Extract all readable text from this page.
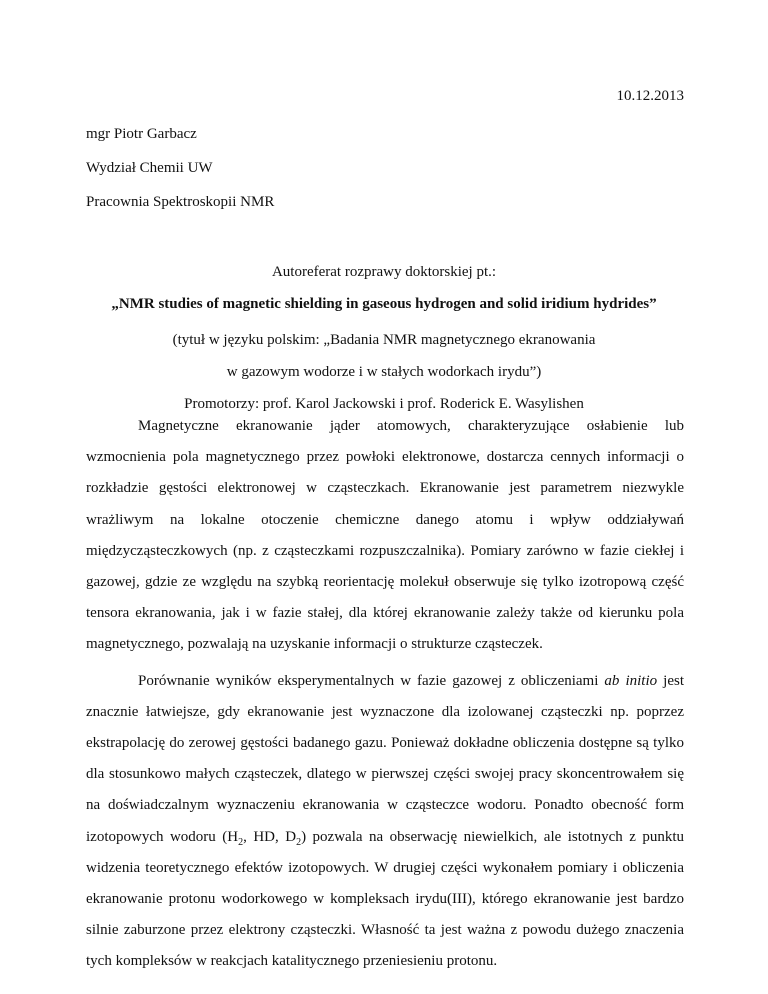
10.12.2013
mgr Piotr Garbacz
Wydział Chemii UW
Pracownia Spektroskopii NMR
Autoreferat rozprawy doktorskiej pt.:
„NMR studies of magnetic shielding in gaseous hydrogen and solid iridium hydrides”
(tytuł w języku polskim: „Badania NMR magnetycznego ekranowania
w gazowym wodorze i w stałych wodorkach irydu”)
Promotorzy: prof. Karol Jackowski i prof. Roderick E. Wasylishen

Magnetyczne ekranowanie jąder atomowych, charakteryzujące osłabienie lub wzmocnienia pola magnetycznego przez powłoki elektronowe, dostarcza cennych informacji o rozkładzie gęstości elektronowej w cząsteczkach. Ekranowanie jest parametrem niezwykle wrażliwym na lokalne otoczenie chemiczne danego atomu i wpływ oddziaływań międzycząsteczkowych (np. z cząsteczkami rozpuszczalnika). Pomiary zarówno w fazie ciekłej i gazowej, gdzie ze względu na szybką reorientację molekuł obserwuje się tylko izotropową część tensora ekranowania, jak i w fazie stałej, dla której ekranowanie zależy także od kierunku pola magnetycznego, pozwalają na uzyskanie informacji o strukturze cząsteczek.

Porównanie wyników eksperymentalnych w fazie gazowej z obliczeniami ab initio jest znacznie łatwiejsze, gdy ekranowanie jest wyznaczone dla izolowanej cząsteczki np. poprzez ekstrapolację do zerowej gęstości badanego gazu. Ponieważ dokładne obliczenia dostępne są tylko dla stosunkowo małych cząsteczek, dlatego w pierwszej części swojej pracy skoncentrowałem się na doświadczalnym wyznaczeniu ekranowania w cząsteczce wodoru. Ponadto obecność form izotopowych wodoru ($H_2$, HD, $D_2$) pozwala na obserwację niewielkich, ale istotnych z punktu widzenia teoretycznego efektów izotopowych. W drugiej części wykonałem pomiary i obliczenia ekranowanie protonu wodorkowego w kompleksach irydu(III), którego ekranowanie jest bardzo silnie zaburzone przez elektrony cząsteczki. Własność ta jest ważna z powodu dużego znaczenia tych kompleksów w reakcjach katalitycznego przeniesieniu protonu.
